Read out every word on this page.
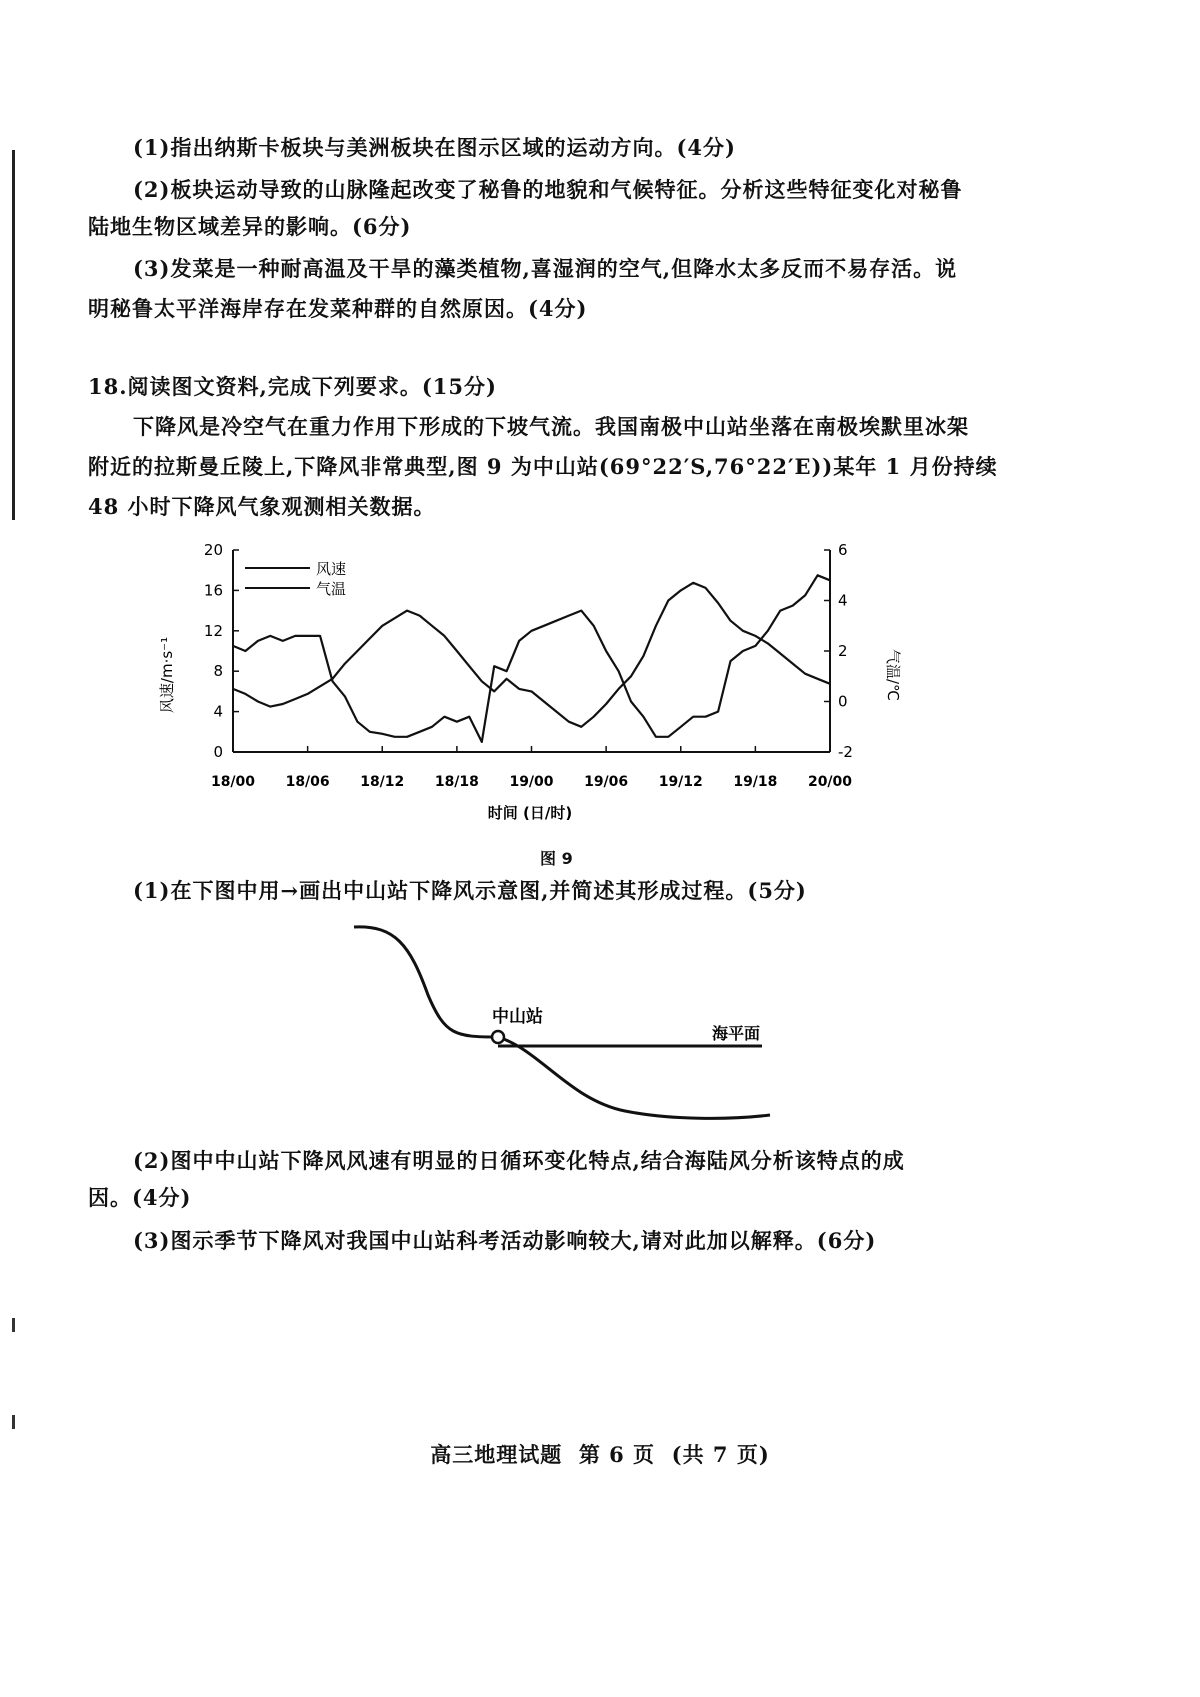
(1)指出纳斯卡板块与美洲板块在图示区域的运动方向。(4分)
(2)板块运动导致的山脉隆起改变了秘鲁的地貌和气候特征。分析这些特征变化对秘鲁
陆地生物区域差异的影响。(6分)
(3)发菜是一种耐高温及干旱的藻类植物,喜湿润的空气,但降水太多反而不易存活。说
明秘鲁太平洋海岸存在发菜种群的自然原因。(4分)
18.阅读图文资料,完成下列要求。(15分)
下降风是冷空气在重力作用下形成的下坡气流。我国南极中山站坐落在南极埃默里冰架
附近的拉斯曼丘陵上,下降风非常典型,图 9 为中山站(69°22′S,76°22′E))某年 1 月份持续
48 小时下降风气象观测相关数据。
0
4
8
12
16
20
-2
0
2
4
6
18/00 18/06 18/12 18/18 19/00 19/06 19/12 19/18 20/00
风速
气温
风速/m·s⁻¹	气温/℃
时间 (日/时)
图 9
(1)在下图中用→画出中山站下降风示意图,并简述其形成过程。(5分)
中山站
海平面
(2)图中中山站下降风风速有明显的日循环变化特点,结合海陆风分析该特点的成
因。(4分)
(3)图示季节下降风对我国中山站科考活动影响较大,请对此加以解释。(6分)
高三地理试题  第 6 页  (共 7 页)
